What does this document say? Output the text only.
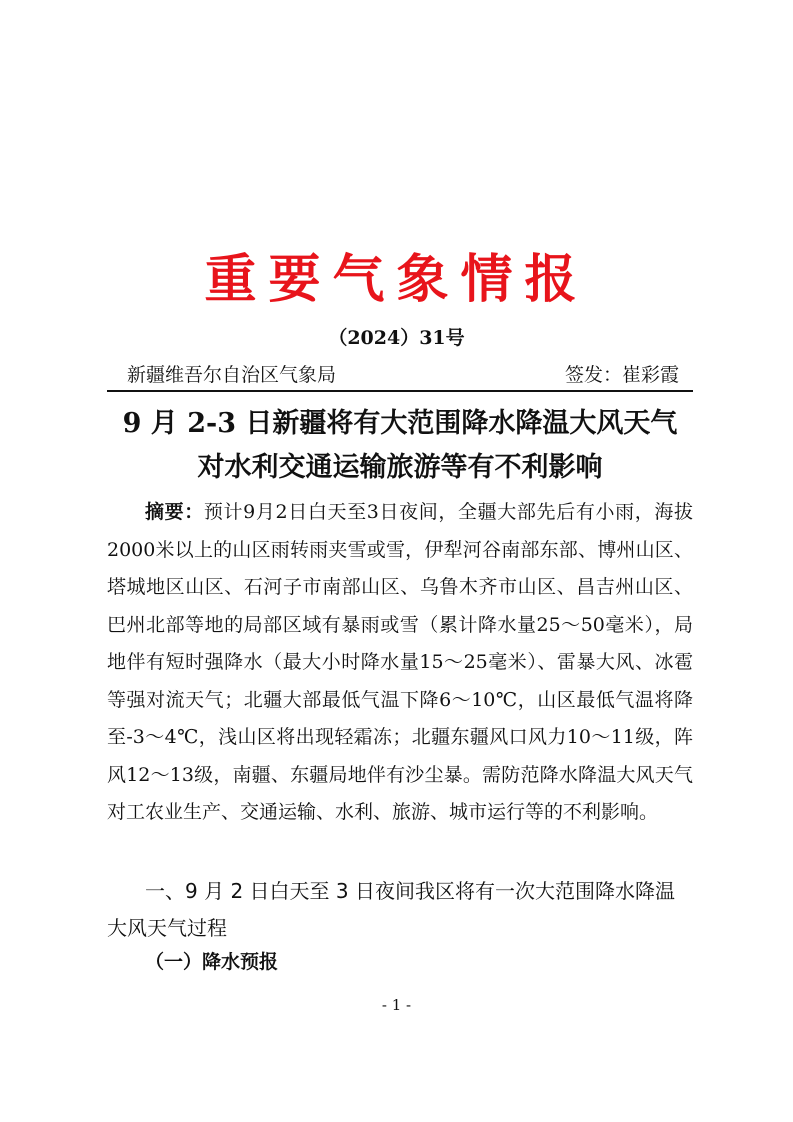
重要气象情报
（2024）31号
新疆维吾尔自治区气象局	签发：崔彩霞
9 月 2-3 日新疆将有大范围降水降温大风天气
对水利交通运输旅游等有不利影响

摘要：预计9月2日白天至3日夜间，全疆大部先后有小雨，海拔2000米以上的山区雨转雨夹雪或雪，伊犁河谷南部东部、博州山区、塔城地区山区、石河子市南部山区、乌鲁木齐市山区、昌吉州山区、巴州北部等地的局部区域有暴雨或雪（累计降水量25～50毫米），局地伴有短时强降水（最大小时降水量15～25毫米）、雷暴大风、冰雹等强对流天气；北疆大部最低气温下降6～10℃，山区最低气温将降至-3～4℃，浅山区将出现轻霜冻；北疆东疆风口风力10～11级，阵风12～13级，南疆、东疆局地伴有沙尘暴。需防范降水降温大风天气对工农业生产、交通运输、水利、旅游、城市运行等的不利影响。

一、9 月 2 日白天至 3 日夜间我区将有一次大范围降水降温大风天气过程

（一）降水预报

- 1 -
